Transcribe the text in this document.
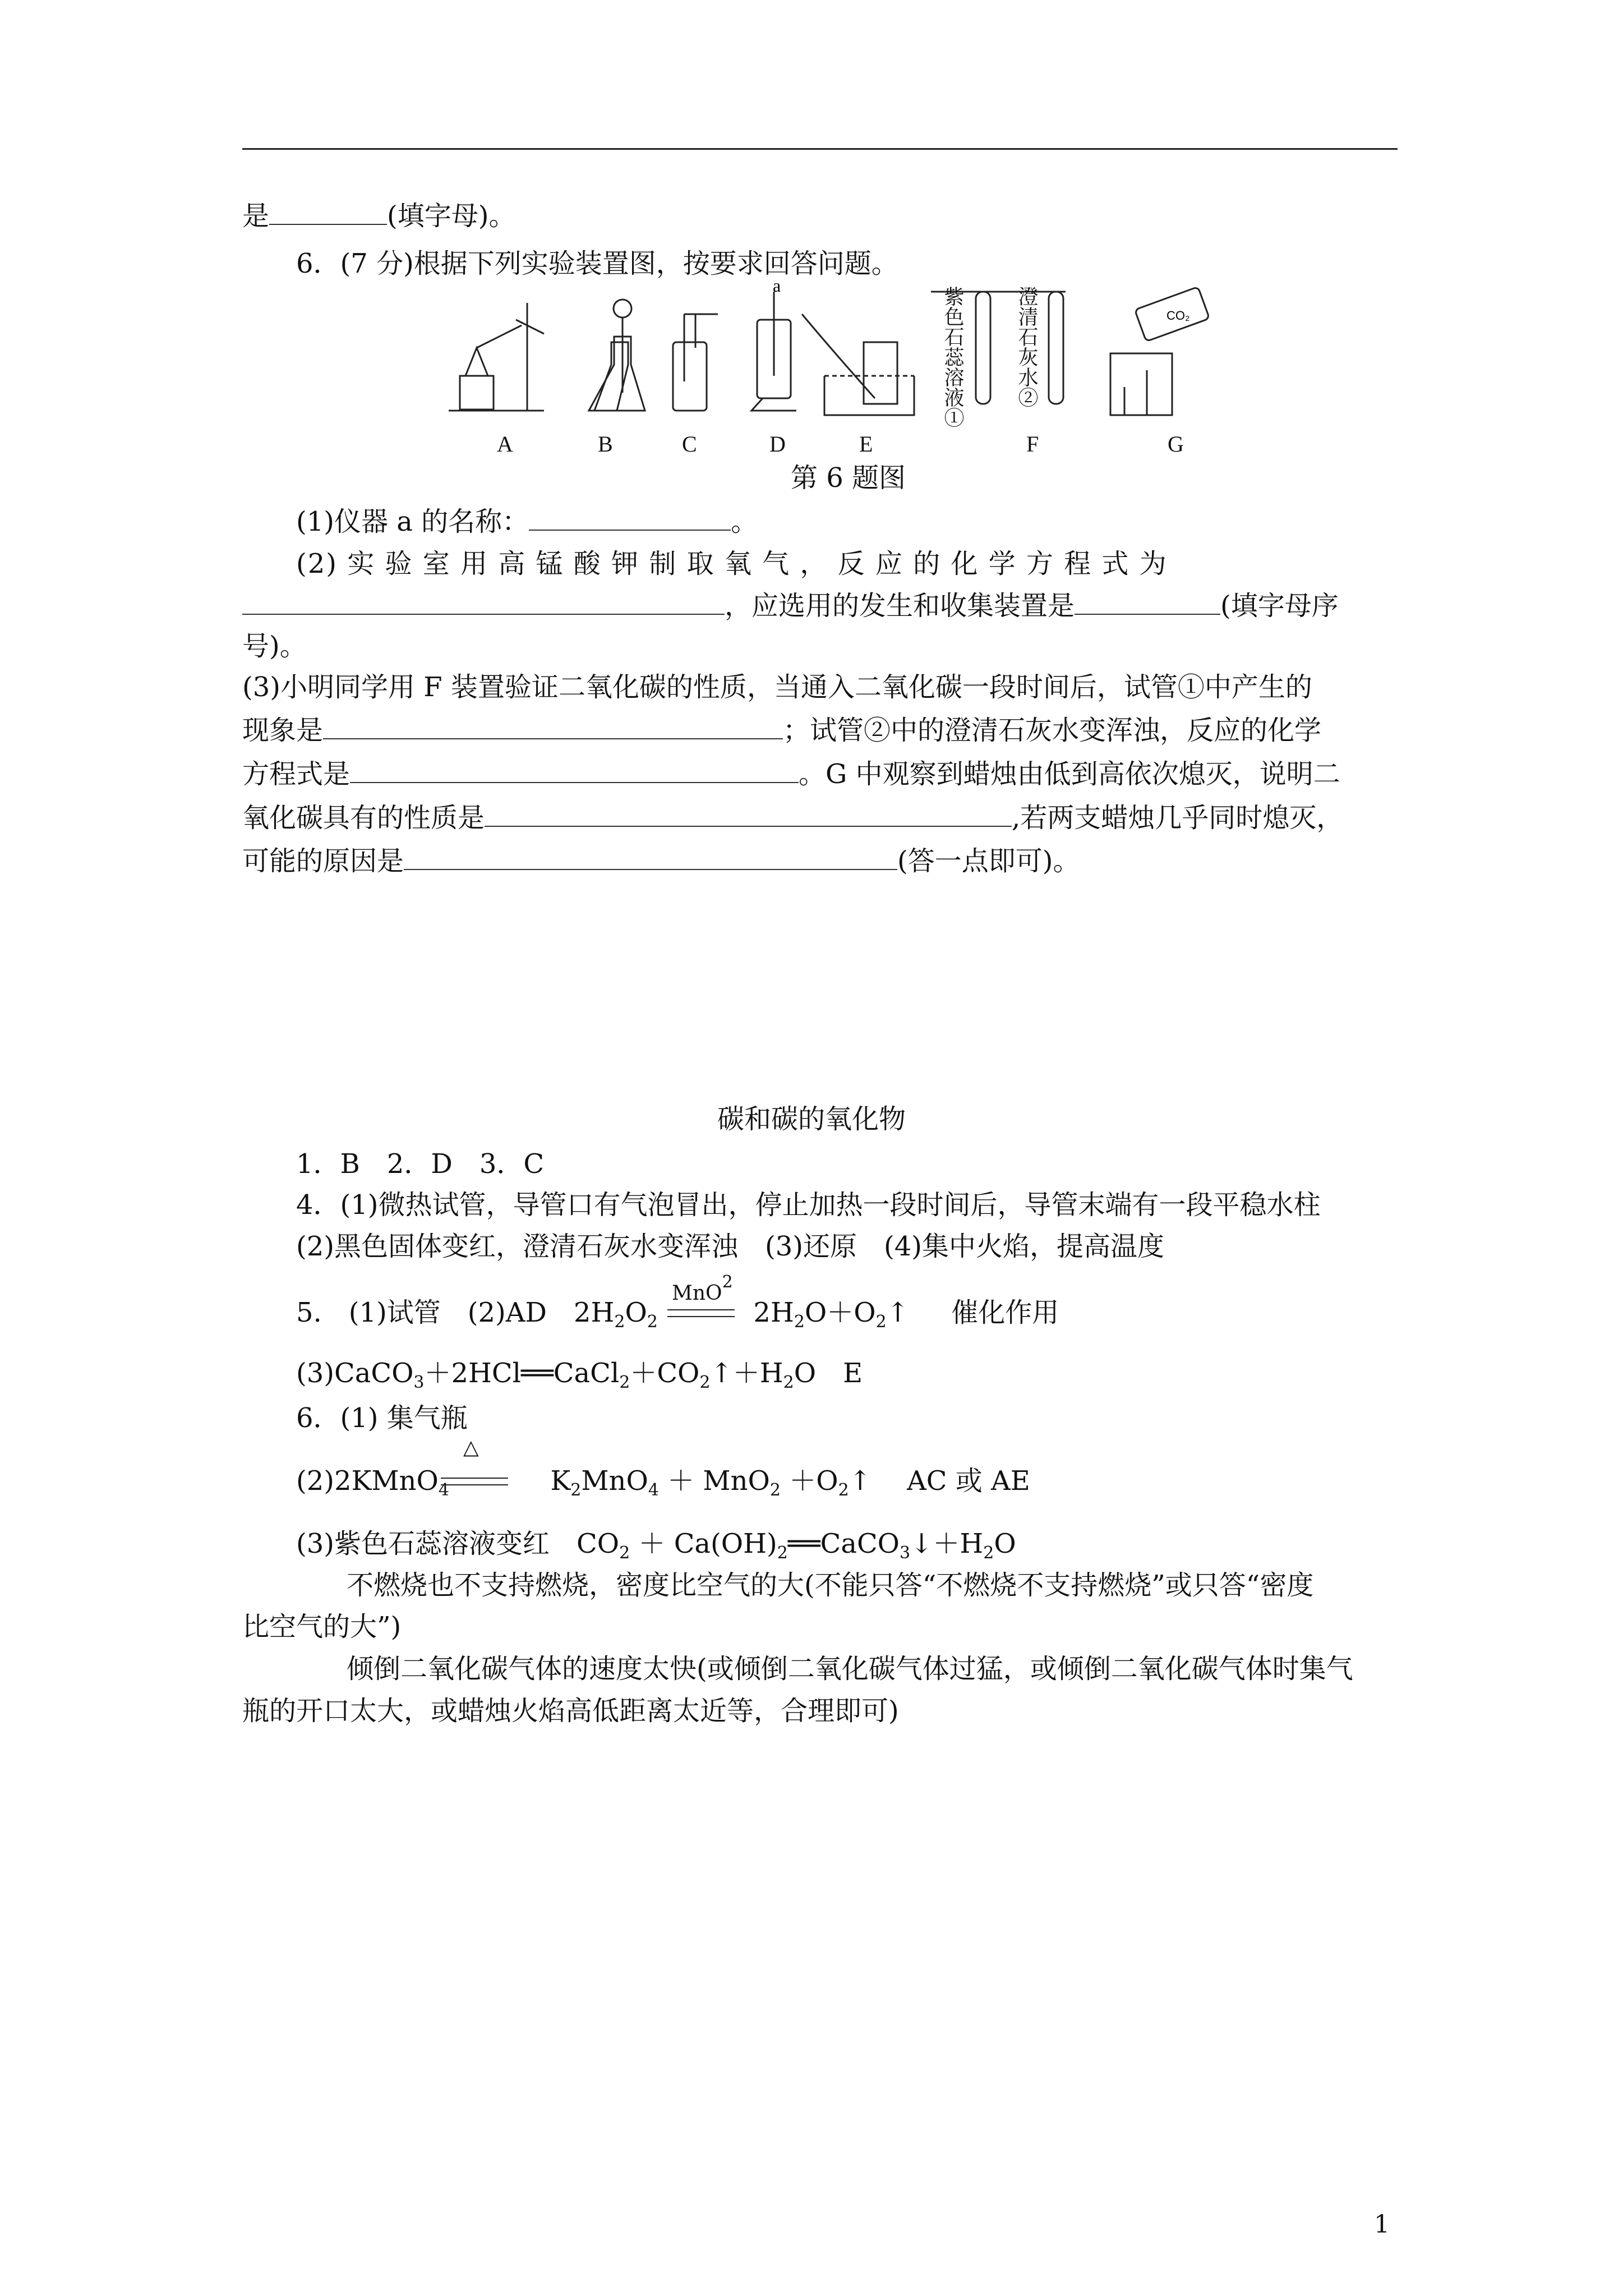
是	(填字母)。
6．(7 分)根据下列实验装置图，按要求回答问题。
a
CO₂
紫色石蕊溶液①	澄清石灰水②
A	B	C	D	E	F	G
第 6 题图
(1)仪器 a 的名称：	。
(2) 实 验 室 用 高 锰 酸 钾 制 取 氧 气 ， 反 应 的 化 学 方 程 式 为
，应选用的发生和收集装置是	(填字母序
号)。
(3)小明同学用 F 装置验证二氧化碳的性质，当通入二氧化碳一段时间后，试管①中产生的
现象是	；试管②中的澄清石灰水变浑浊，反应的化学
方程式是	。G 中观察到蜡烛由低到高依次熄灭，说明二
氧化碳具有的性质是	,若两支蜡烛几乎同时熄灭，
可能的原因是	(答一点即可)。
碳和碳的氧化物
1．B　2．D　3．C
4．(1)微热试管，导管口有气泡冒出，停止加热一段时间后，导管末端有一段平稳水柱
(2)黑色固体变红，澄清石灰水变浑浊　(3)还原　(4)集中火焰，提高温度
5.　(1)试管　(2)AD　$2H_2O_2$	$2H_2O+O_2↑$ 催化作用
MnO$^2$
$(3)CaCO_3+2HCl══CaCl_2+CO_2↑+H_2O$　E
6．(1) 集气瓶
(2)2KMnO$_4$	$K_2MnO_4 + MnO_2$ $+O_2↑$　 AC 或 AE
△
(3)紫色石蕊溶液变红　$CO_2$ ＋ $Ca(OH)_2══CaCO_3↓+H_2O$
不燃烧也不支持燃烧，密度比空气的大(不能只答“不燃烧不支持燃烧”或只答“密度
比空气的大”)
倾倒二氧化碳气体的速度太快(或倾倒二氧化碳气体过猛，或倾倒二氧化碳气体时集气
瓶的开口太大，或蜡烛火焰高低距离太近等，合理即可)
1
